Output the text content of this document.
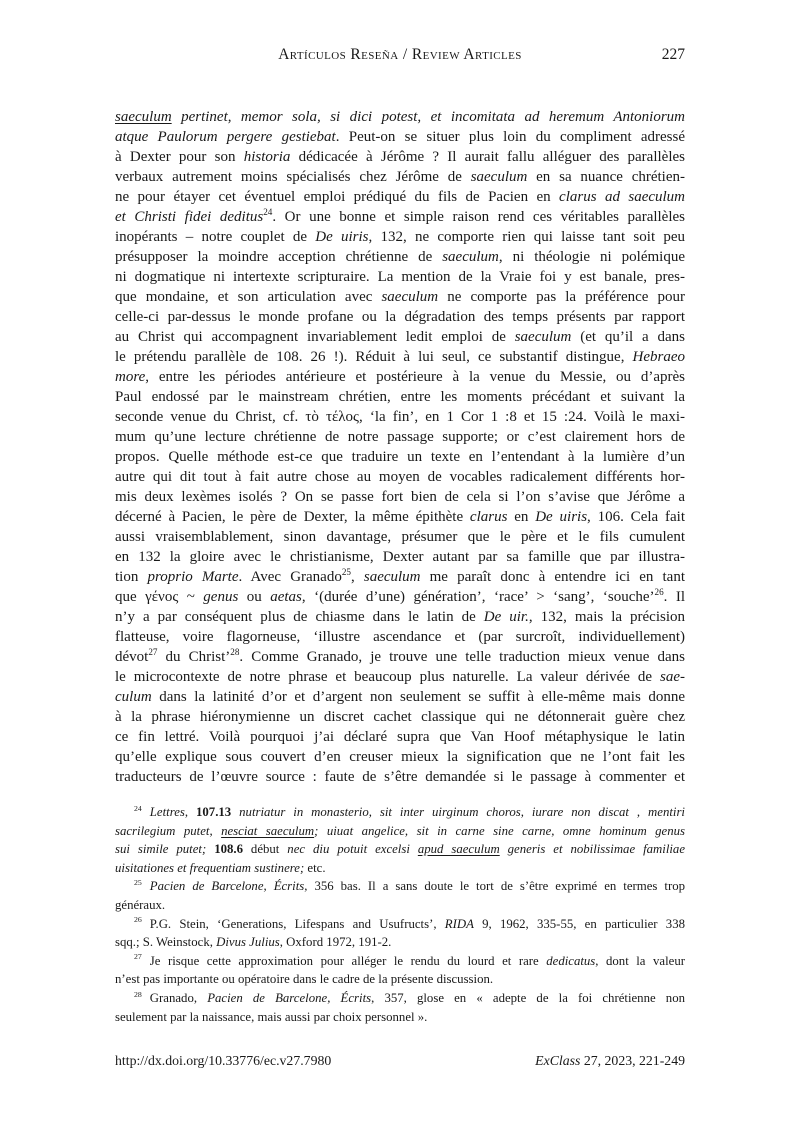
Artículos Reseña / Review Articles	227
saeculum pertinet, memor sola, si dici potest, et incomitata ad heremum Antoniorum
atque Paulorum pergere gestiebat. Peut-on se situer plus loin du compliment adressé
à Dexter pour son historia dédicacée à Jérôme ? Il aurait fallu alléguer des parallèles
verbaux autrement moins spécialisés chez Jérôme de saeculum en sa nuance chrétien-
ne pour étayer cet éventuel emploi prédiqué du fils de Pacien en clarus ad saeculum
et Christi fidei deditus$^{24}$. Or une bonne et simple raison rend ces véritables parallèles
inopérants – notre couplet de De uiris, 132, ne comporte rien qui laisse tant soit peu
présupposer la moindre acception chrétienne de saeculum, ni théologie ni polémique
ni dogmatique ni intertexte scripturaire. La mention de la Vraie foi y est banale, pres-
que mondaine, et son articulation avec saeculum ne comporte pas la préférence pour
celle-ci par-dessus le monde profane ou la dégradation des temps présents par rapport
au Christ qui accompagnent invariablement ledit emploi de saeculum (et qu’il a dans
le prétendu parallèle de 108. 26 !). Réduit à lui seul, ce substantif distingue, Hebraeo
more, entre les périodes antérieure et postérieure à la venue du Messie, ou d’après
Paul endossé par le mainstream chrétien, entre les moments précédant et suivant la
seconde venue du Christ, cf. τὸ τέλος, ‘la fin’, en 1 Cor 1 :8 et 15 :24. Voilà le maxi-
mum qu’une lecture chrétienne de notre passage supporte; or c’est clairement hors de
propos. Quelle méthode est-ce que traduire un texte en l’entendant à la lumière d’un
autre qui dit tout à fait autre chose au moyen de vocables radicalement différents hor-
mis deux lexèmes isolés ? On se passe fort bien de cela si l’on s’avise que Jérôme a
décerné à Pacien, le père de Dexter, la même épithète clarus en De uiris, 106. Cela fait
aussi vraisemblablement, sinon davantage, présumer que le père et le fils cumulent
en 132 la gloire avec le christianisme, Dexter autant par sa famille que par illustra-
tion proprio Marte. Avec Granado$^{25}$, saeculum me paraît donc à entendre ici en tant
que γένος ~ genus ou aetas, ‘(durée d’une) génération’, ‘race’ > ‘sang’, ‘souche’$^{26}$. Il
n’y a par conséquent plus de chiasme dans le latin de De uir., 132, mais la précision
flatteuse, voire flagorneuse, ‘illustre ascendance et (par surcroît, individuellement)
dévot$^{27}$ du Christ’$^{28}$. Comme Granado, je trouve une telle traduction mieux venue dans
le microcontexte de notre phrase et beaucoup plus naturelle. La valeur dérivée de sae-
culum dans la latinité d’or et d’argent non seulement se suffit à elle-même mais donne
à la phrase hiéronymienne un discret cachet classique qui ne détonnerait guère chez
ce fin lettré. Voilà pourquoi j’ai déclaré supra que Van Hoof métaphysique le latin
qu’elle explique sous couvert d’en creuser mieux la signification que ne l’ont fait les
traducteurs de l’œuvre source : faute de s’être demandée si le passage à commenter et
$^{24}$ Lettres, 107.13 nutriatur in monasterio, sit inter uirginum choros, iurare non discat , mentiri
sacrilegium putet, nesciat saeculum; uiuat angelice, sit in carne sine carne, omne hominum genus
sui simile putet; 108.6 début nec diu potuit excelsi apud saeculum generis et nobilissimae familiae
uisitationes et frequentiam sustinere; etc.
$^{25}$ Pacien de Barcelone, Écrits, 356 bas. Il a sans doute le tort de s’être exprimé en termes trop
généraux.
$^{26}$ P.G. Stein, ‘Generations, Lifespans and Usufructs’, RIDA 9, 1962, 335-55, en particulier 338
sqq.; S. Weinstock, Divus Julius, Oxford 1972, 191-2.
$^{27}$ Je risque cette approximation pour alléger le rendu du lourd et rare dedicatus, dont la valeur
n’est pas importante ou opératoire dans le cadre de la présente discussion.
$^{28}$ Granado, Pacien de Barcelone, Écrits, 357, glose en « adepte de la foi chrétienne non
seulement par la naissance, mais aussi par choix personnel ».
http://dx.doi.org/10.33776/ec.v27.7980	ExClass 27, 2023, 221-249
